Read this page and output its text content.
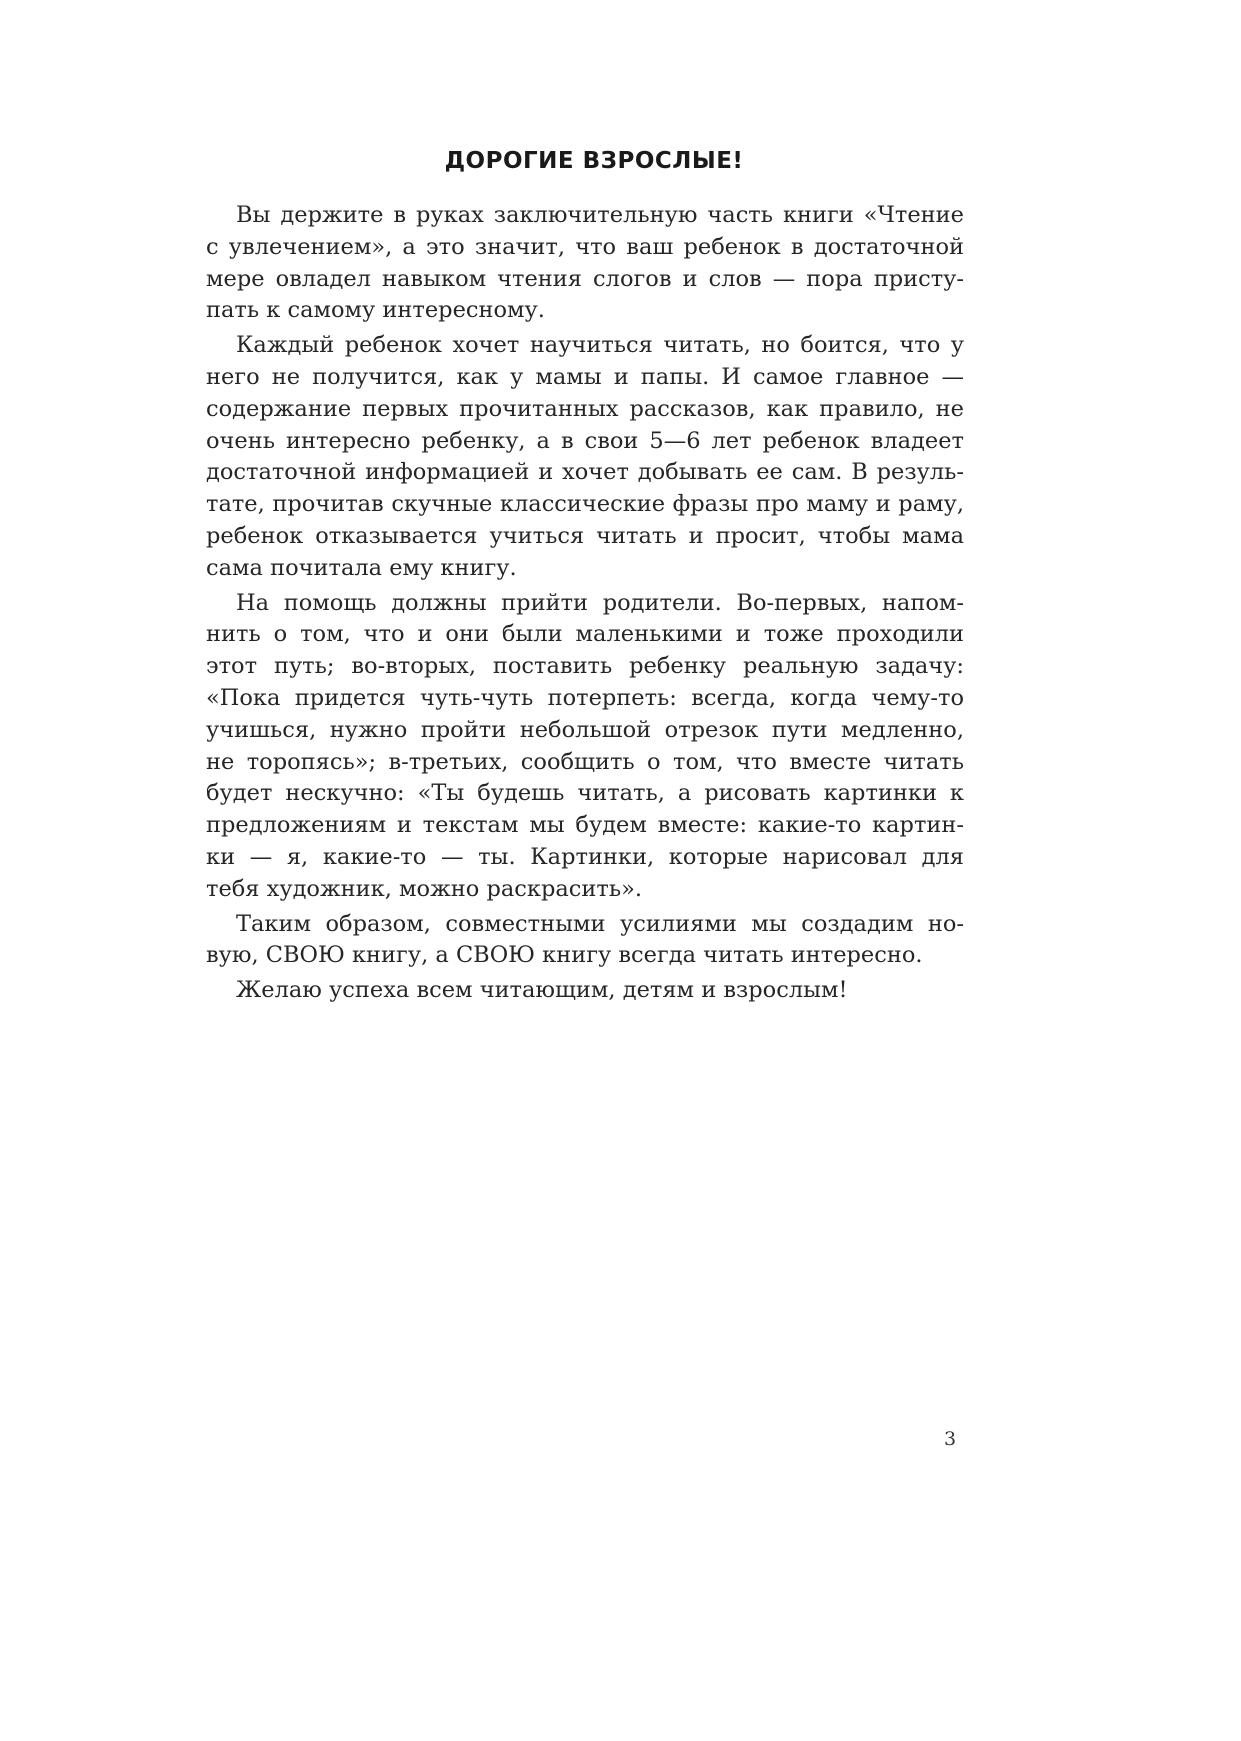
ДОРОГИЕ ВЗРОСЛЫЕ!

Вы держите в руках заключительную часть книги «Чтение
с увлечением», а это значит, что ваш ребенок в достаточной
мере овладел навыком чтения слогов и слов — пора присту-
пать к самому интересному.

Каждый ребенок хочет научиться читать, но боится, что у
него не получится, как у мамы и папы. И самое главное —
содержание первых прочитанных рассказов, как правило, не
очень интересно ребенку, а в свои 5—6 лет ребенок владеет
достаточной информацией и хочет добывать ее сам. В резуль-
тате, прочитав скучные классические фразы про маму и раму,
ребенок отказывается учиться читать и просит, чтобы мама
сама почитала ему книгу.

На помощь должны прийти родители. Во-первых, напом-
нить о том, что и они были маленькими и тоже проходили
этот путь; во-вторых, поставить ребенку реальную задачу:
«Пока придется чуть-чуть потерпеть: всегда, когда чему-то
учишься, нужно пройти небольшой отрезок пути медленно,
не торопясь»; в-третьих, сообщить о том, что вместе читать
будет нескучно: «Ты будешь читать, а рисовать картинки к
предложениям и текстам мы будем вместе: какие-то картин-
ки — я, какие-то — ты. Картинки, которые нарисовал для
тебя художник, можно раскрасить».

Таким образом, совместными усилиями мы создадим но-
вую, СВОЮ книгу, а СВОЮ книгу всегда читать интересно.

Желаю успеха всем читающим, детям и взрослым!

3
